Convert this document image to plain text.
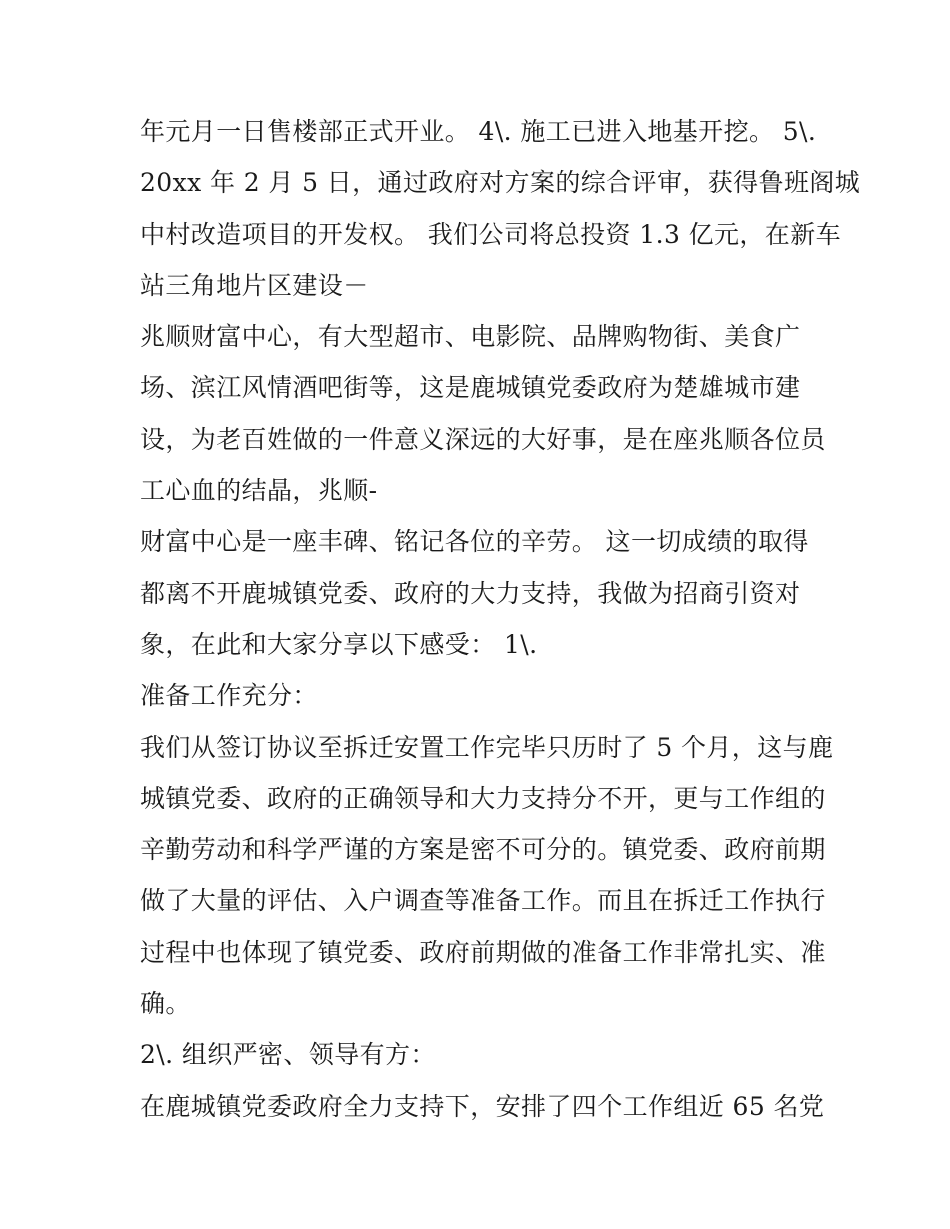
年元月一日售楼部正式开业。 4\. 施工已进入地基开挖。 5\.
20xx 年 2 月 5 日，通过政府对方案的综合评审，获得鲁班阁城
中村改造项目的开发权。 我们公司将总投资 1.3 亿元，在新车
站三角地片区建设－
兆顺财富中心，有大型超市、电影院、品牌购物街、美食广
场、滨江风情酒吧街等，这是鹿城镇党委政府为楚雄城市建
设，为老百姓做的一件意义深远的大好事，是在座兆顺各位员
工心血的结晶，兆顺-
财富中心是一座丰碑、铭记各位的辛劳。 这一切成绩的取得
都离不开鹿城镇党委、政府的大力支持，我做为招商引资对
象，在此和大家分享以下感受： 1\.
准备工作充分：
我们从签订协议至拆迁安置工作完毕只历时了 5 个月，这与鹿
城镇党委、政府的正确领导和大力支持分不开，更与工作组的
辛勤劳动和科学严谨的方案是密不可分的。镇党委、政府前期
做了大量的评估、入户调查等准备工作。而且在拆迁工作执行
过程中也体现了镇党委、政府前期做的准备工作非常扎实、准
确。
2\. 组织严密、领导有方：
在鹿城镇党委政府全力支持下，安排了四个工作组近 65 名党
